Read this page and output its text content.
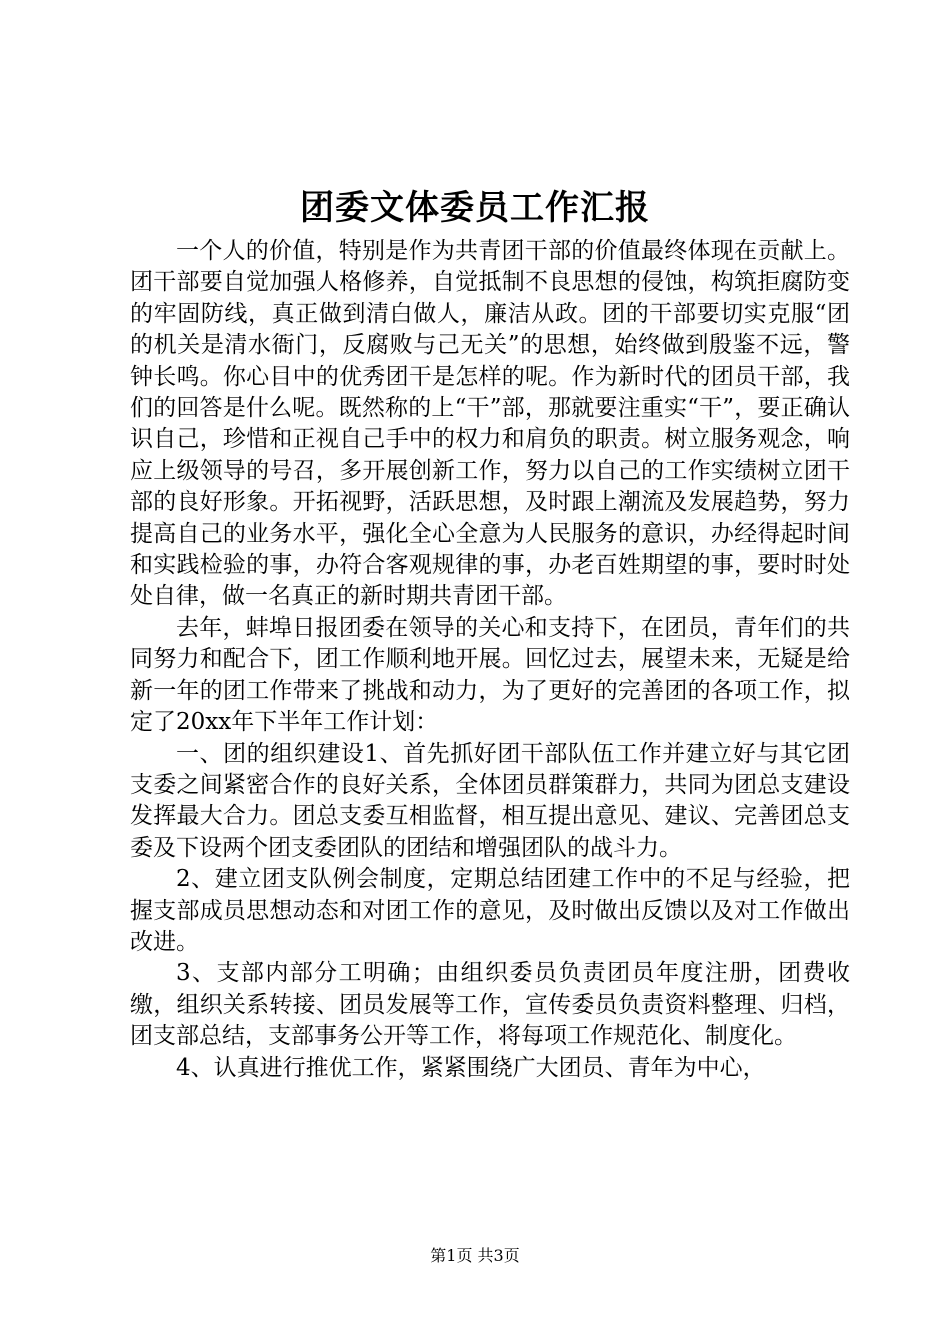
团委文体委员工作汇报

一个人的价值，特别是作为共青团干部的价值最终体现在贡献上。团干部要自觉加强人格修养，自觉抵制不良思想的侵蚀，构筑拒腐防变的牢固防线，真正做到清白做人，廉洁从政。团的干部要切实克服“团的机关是清水衙门，反腐败与己无关”的思想，始终做到殷鉴不远，警钟长鸣。你心目中的优秀团干是怎样的呢。作为新时代的团员干部，我们的回答是什么呢。既然称的上“干”部，那就要注重实“干”，要正确认识自己，珍惜和正视自己手中的权力和肩负的职责。树立服务观念，响应上级领导的号召，多开展创新工作，努力以自己的工作实绩树立团干部的良好形象。开拓视野，活跃思想，及时跟上潮流及发展趋势，努力提高自己的业务水平，强化全心全意为人民服务的意识，办经得起时间和实践检验的事，办符合客观规律的事，办老百姓期望的事，要时时处处自律，做一名真正的新时期共青团干部。

去年，蚌埠日报团委在领导的关心和支持下，在团员，青年们的共同努力和配合下，团工作顺利地开展。回忆过去，展望未来，无疑是给新一年的团工作带来了挑战和动力，为了更好的完善团的各项工作，拟定了20xx年下半年工作计划：

一、团的组织建设1、首先抓好团干部队伍工作并建立好与其它团支委之间紧密合作的良好关系，全体团员群策群力，共同为团总支建设发挥最大合力。团总支委互相监督，相互提出意见、建议、完善团总支委及下设两个团支委团队的团结和增强团队的战斗力。

2、建立团支队例会制度，定期总结团建工作中的不足与经验，把握支部成员思想动态和对团工作的意见，及时做出反馈以及对工作做出改进。

3、支部内部分工明确；由组织委员负责团员年度注册，团费收缴，组织关系转接、团员发展等工作，宣传委员负责资料整理、归档，团支部总结，支部事务公开等工作，将每项工作规范化、制度化。

4、认真进行推优工作，紧紧围绕广大团员、青年为中心，

第1页 共3页
